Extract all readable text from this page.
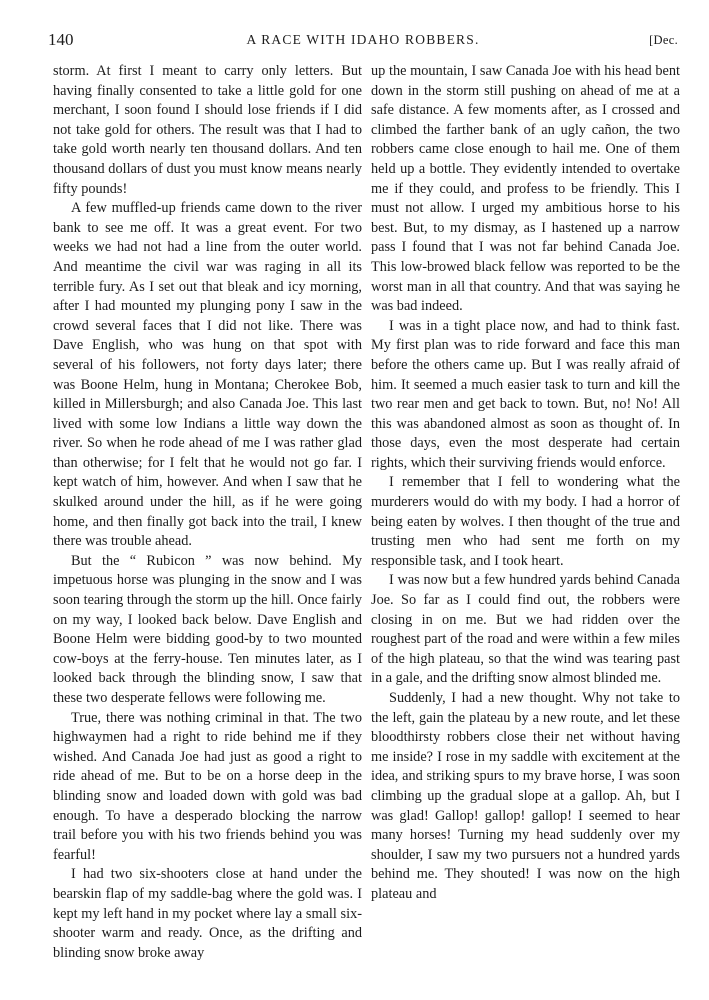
140	A RACE WITH IDAHO ROBBERS.	[Dec.

storm. At first I meant to carry only letters. But having finally consented to take a little gold for one merchant, I soon found I should lose friends if I did not take gold for others. The result was that I had to take gold worth nearly ten thousand dollars. And ten thousand dollars of dust you must know means nearly fifty pounds!

A few muffled-up friends came down to the river bank to see me off. It was a great event. For two weeks we had not had a line from the outer world. And meantime the civil war was raging in all its terrible fury. As I set out that bleak and icy morning, after I had mounted my plunging pony I saw in the crowd several faces that I did not like. There was Dave English, who was hung on that spot with several of his followers, not forty days later; there was Boone Helm, hung in Montana; Cherokee Bob, killed in Millersburgh; and also Canada Joe. This last lived with some low Indians a little way down the river. So when he rode ahead of me I was rather glad than otherwise; for I felt that he would not go far. I kept watch of him, however. And when I saw that he skulked around under the hill, as if he were going home, and then finally got back into the trail, I knew there was trouble ahead.

But the “ Rubicon ” was now behind. My impetuous horse was plunging in the snow and I was soon tearing through the storm up the hill. Once fairly on my way, I looked back below. Dave English and Boone Helm were bidding good-by to two mounted cow-boys at the ferry-house. Ten minutes later, as I looked back through the blinding snow, I saw that these two desperate fellows were following me.

True, there was nothing criminal in that. The two highwaymen had a right to ride behind me if they wished. And Canada Joe had just as good a right to ride ahead of me. But to be on a horse deep in the blinding snow and loaded down with gold was bad enough. To have a desperado blocking the narrow trail before you with his two friends behind you was fearful!

I had two six-shooters close at hand under the bearskin flap of my saddle-bag where the gold was. I kept my left hand in my pocket where lay a small six-shooter warm and ready. Once, as the drifting and blinding snow broke away

up the mountain, I saw Canada Joe with his head bent down in the storm still pushing on ahead of me at a safe distance. A few moments after, as I crossed and climbed the farther bank of an ugly cañon, the two robbers came close enough to hail me. One of them held up a bottle. They evidently intended to overtake me if they could, and profess to be friendly. This I must not allow. I urged my ambitious horse to his best. But, to my dismay, as I hastened up a narrow pass I found that I was not far behind Canada Joe. This low-browed black fellow was reported to be the worst man in all that country. And that was saying he was bad indeed.

I was in a tight place now, and had to think fast. My first plan was to ride forward and face this man before the others came up. But I was really afraid of him. It seemed a much easier task to turn and kill the two rear men and get back to town. But, no! No! All this was abandoned almost as soon as thought of. In those days, even the most desperate had certain rights, which their surviving friends would enforce.

I remember that I fell to wondering what the murderers would do with my body. I had a horror of being eaten by wolves. I then thought of the true and trusting men who had sent me forth on my responsible task, and I took heart.

I was now but a few hundred yards behind Canada Joe. So far as I could find out, the robbers were closing in on me. But we had ridden over the roughest part of the road and were within a few miles of the high plateau, so that the wind was tearing past in a gale, and the drifting snow almost blinded me.

Suddenly, I had a new thought. Why not take to the left, gain the plateau by a new route, and let these bloodthirsty robbers close their net without having me inside? I rose in my saddle with excitement at the idea, and striking spurs to my brave horse, I was soon climbing up the gradual slope at a gallop. Ah, but I was glad! Gallop! gallop! gallop! I seemed to hear many horses! Turning my head suddenly over my shoulder, I saw my two pursuers not a hundred yards behind me. They shouted! I was now on the high plateau and
